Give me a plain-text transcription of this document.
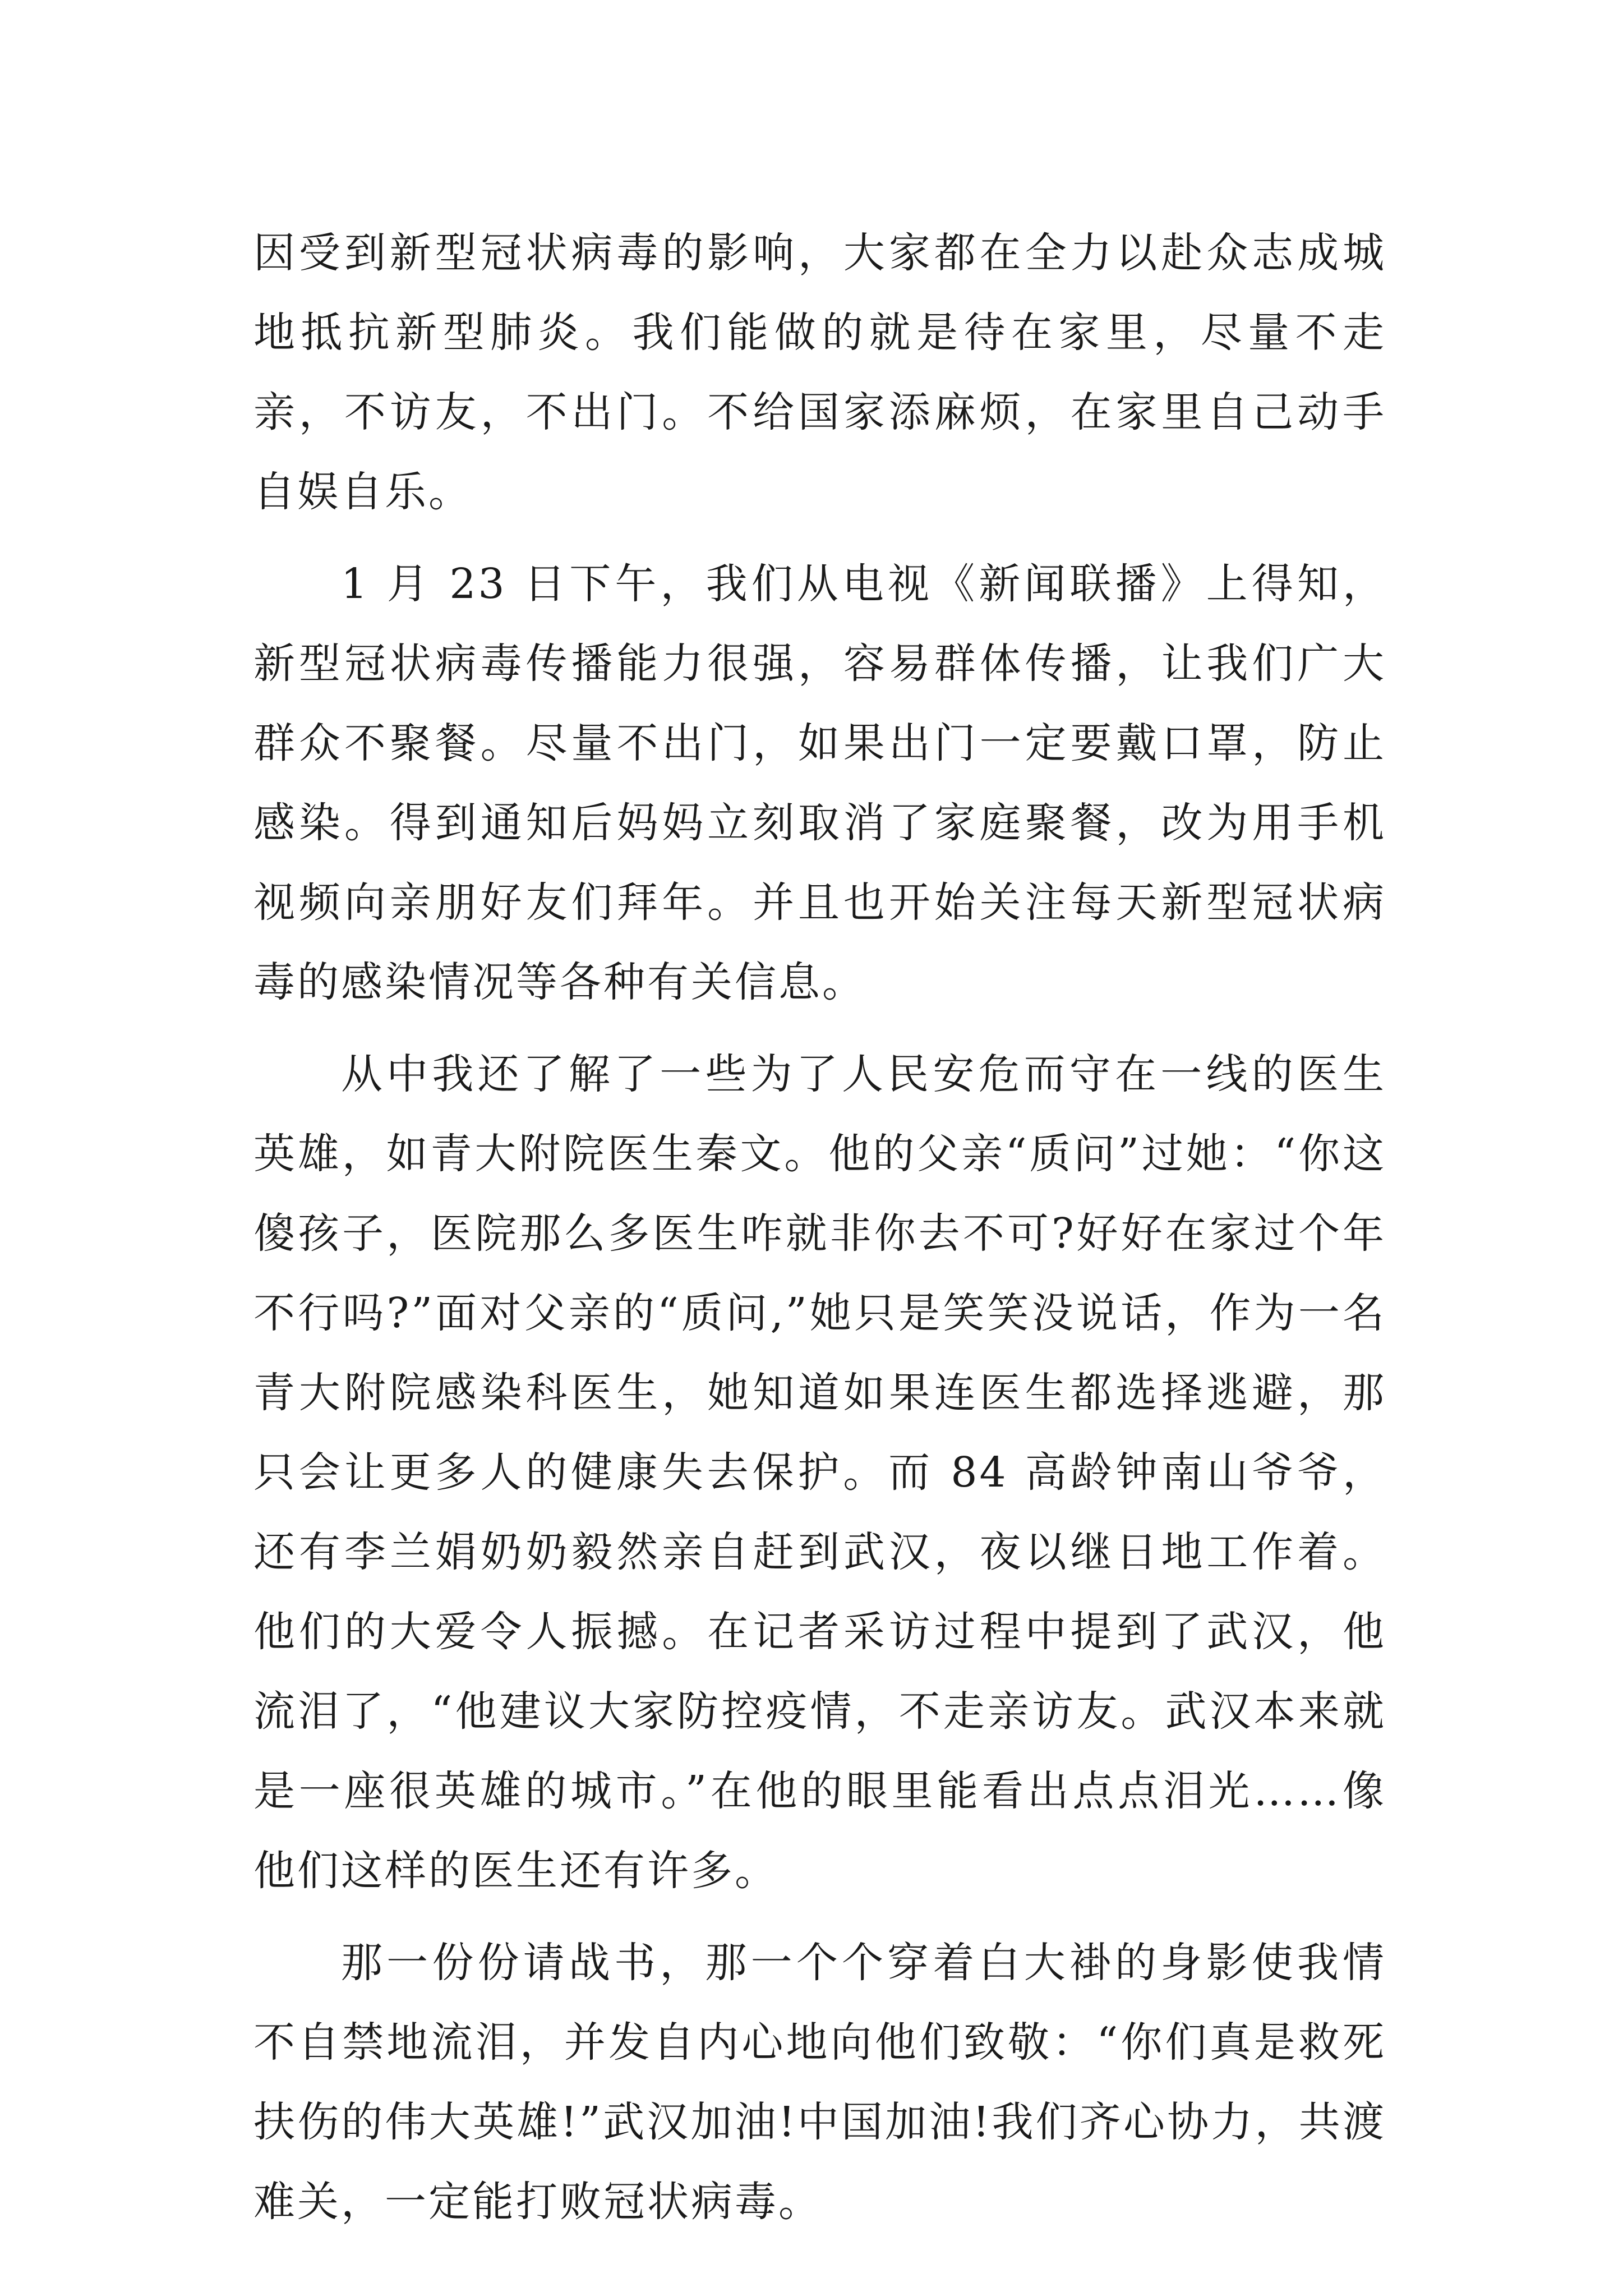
因受到新型冠状病毒的影响，大家都在全力以赴众志成城地抵抗新型肺炎。我们能做的就是待在家里，尽量不走亲，不访友，不出门。不给国家添麻烦，在家里自己动手自娱自乐。

1 月 23 日下午，我们从电视《新闻联播》上得知，新型冠状病毒传播能力很强，容易群体传播，让我们广大群众不聚餐。尽量不出门，如果出门一定要戴口罩，防止感染。得到通知后妈妈立刻取消了家庭聚餐，改为用手机视频向亲朋好友们拜年。并且也开始关注每天新型冠状病毒的感染情况等各种有关信息。

从中我还了解了一些为了人民安危而守在一线的医生英雄，如青大附院医生秦文。他的父亲“质问”过她：“你这傻孩子，医院那么多医生咋就非你去不可?好好在家过个年不行吗?”面对父亲的“质问,”她只是笑笑没说话，作为一名青大附院感染科医生，她知道如果连医生都选择逃避，那只会让更多人的健康失去保护。而 84 高龄钟南山爷爷，还有李兰娟奶奶毅然亲自赶到武汉，夜以继日地工作着。他们的大爱令人振撼。在记者采访过程中提到了武汉，他流泪了，“他建议大家防控疫情，不走亲访友。武汉本来就是一座很英雄的城市。”在他的眼里能看出点点泪光……像他们这样的医生还有许多。

那一份份请战书，那一个个穿着白大褂的身影使我情不自禁地流泪，并发自内心地向他们致敬：“你们真是救死扶伤的伟大英雄!”武汉加油!中国加油!我们齐心协力，共渡难关，一定能打败冠状病毒。
